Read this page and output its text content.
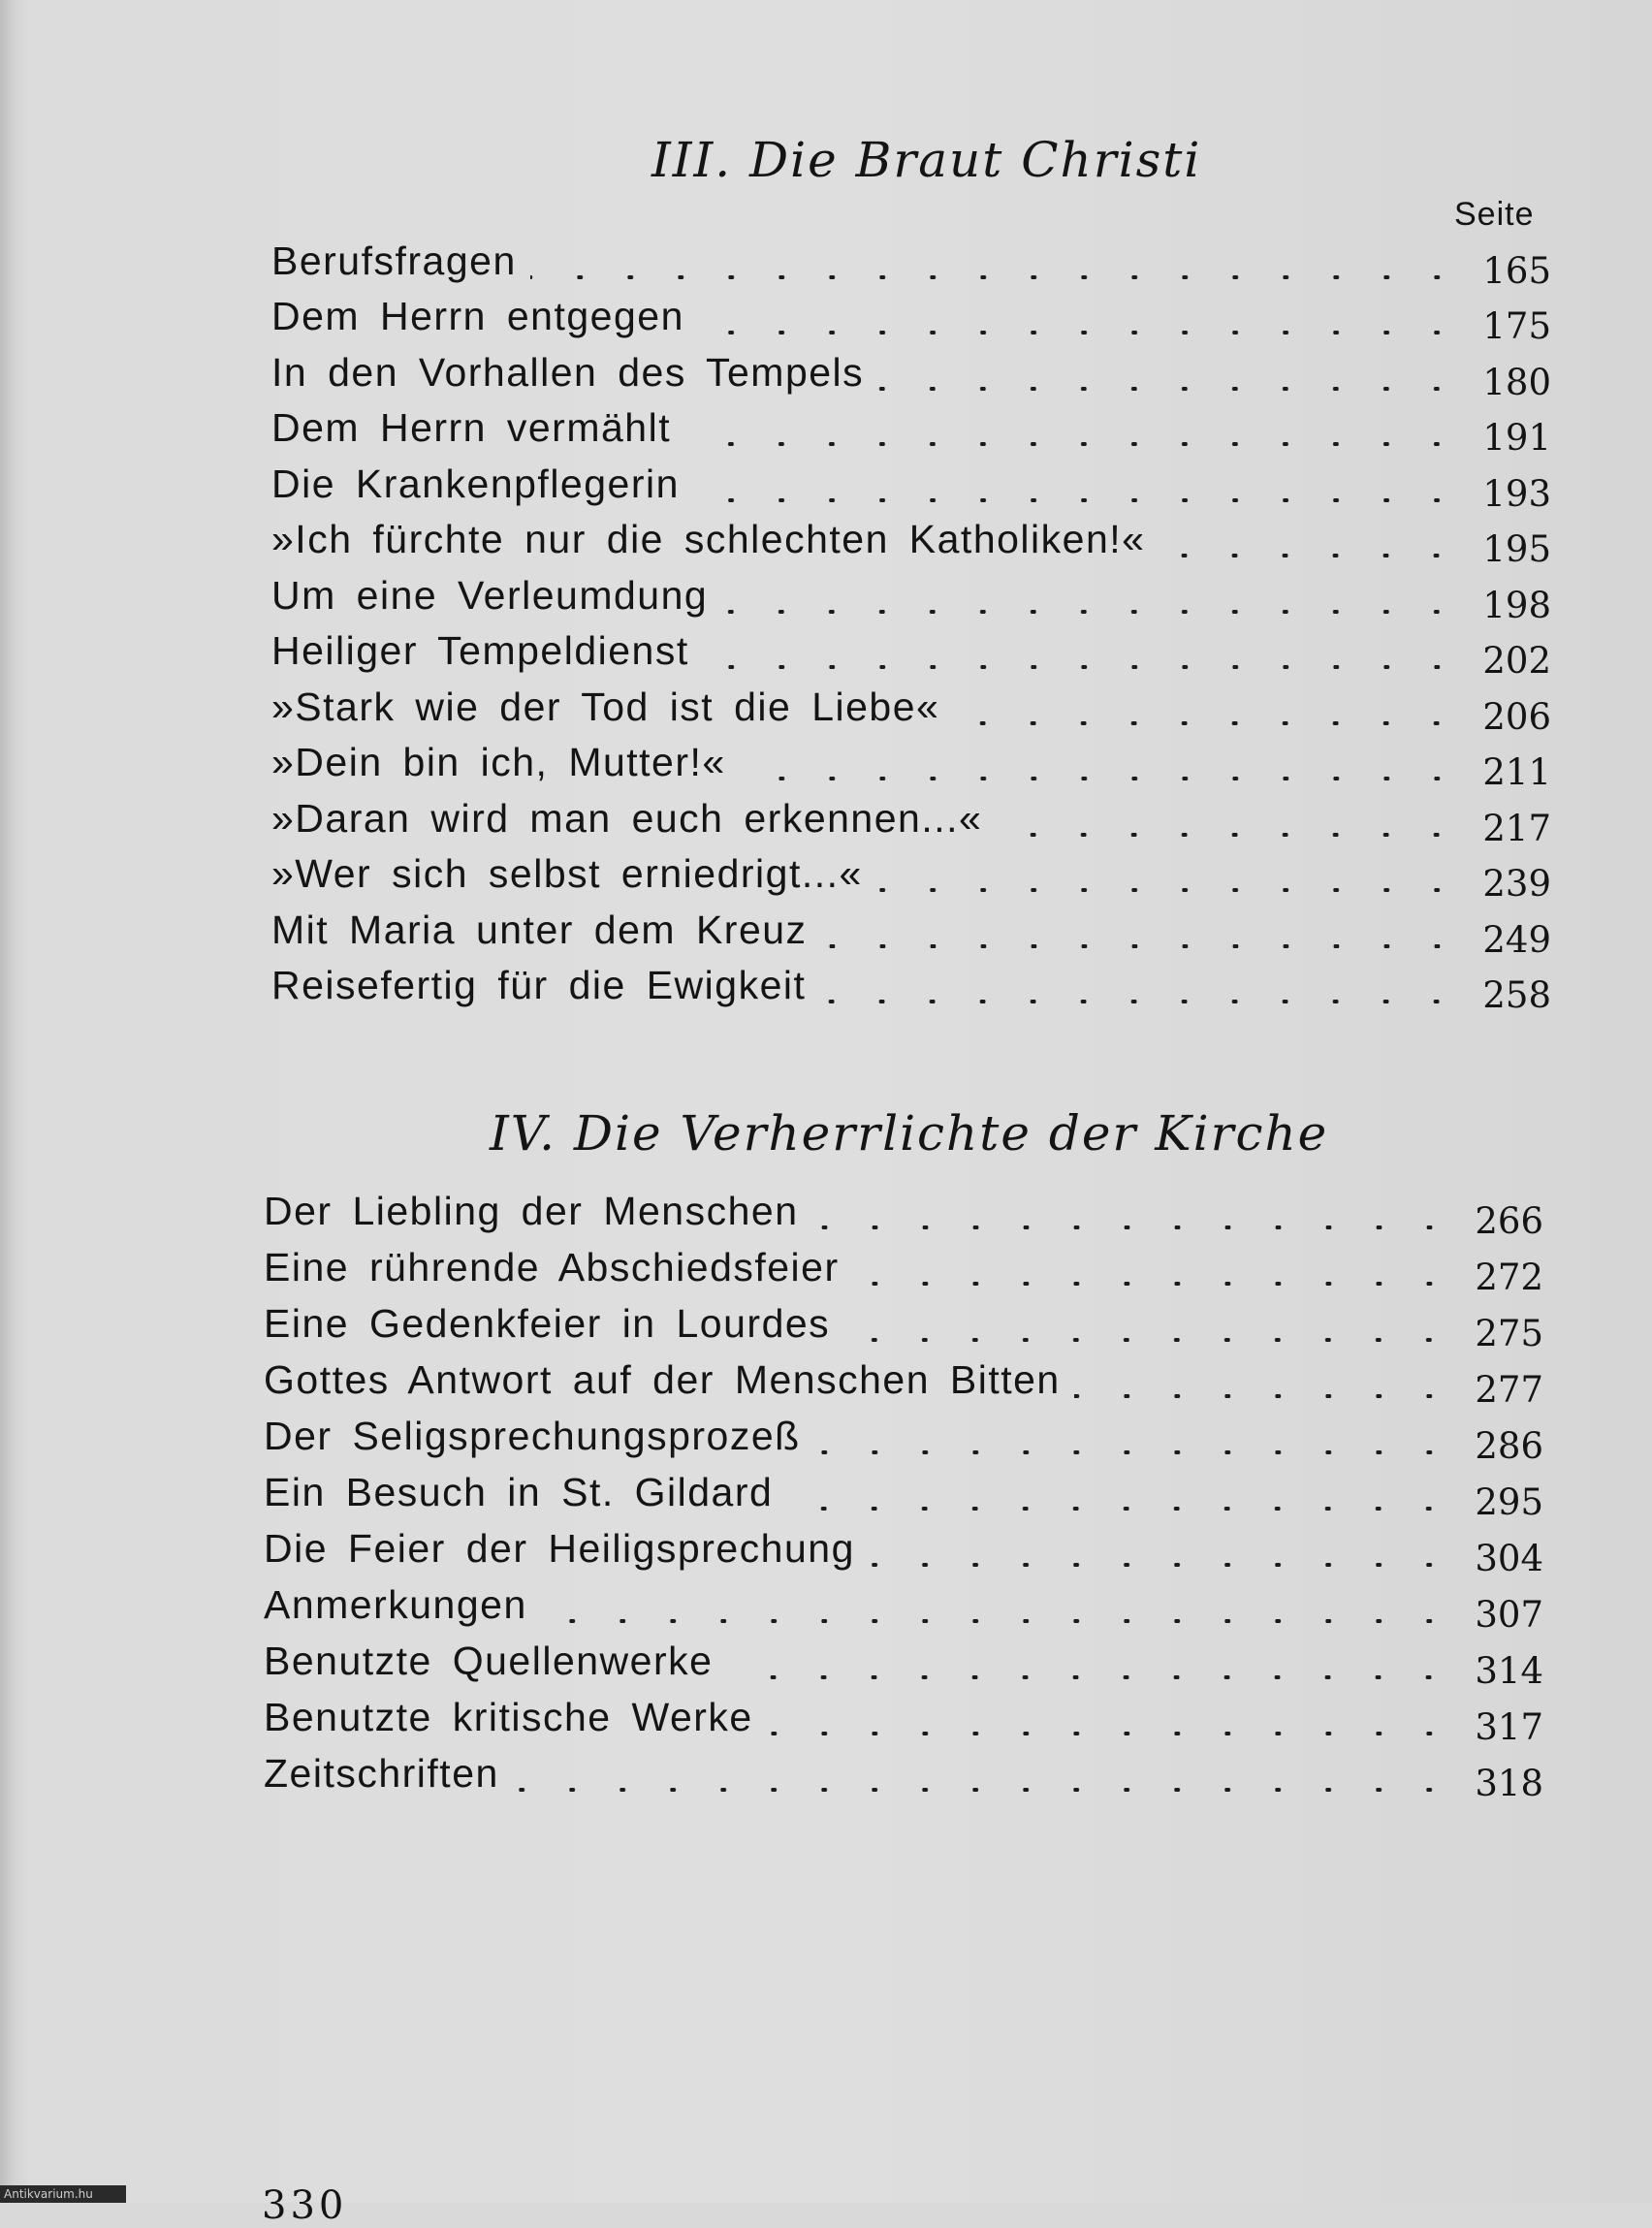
III. Die Braut Christi
Seite
Berufsfragen	165
Dem Herrn entgegen	175
In den Vorhallen des Tempels	180
Dem Herrn vermählt	191
Die Krankenpflegerin	193
»Ich fürchte nur die schlechten Katholiken!«	195
Um eine Verleumdung	198
Heiliger Tempeldienst	202
»Stark wie der Tod ist die Liebe«	206
»Dein bin ich, Mutter!«	211
»Daran wird man euch erkennen...«	217
»Wer sich selbst erniedrigt...«	239
Mit Maria unter dem Kreuz	249
Reisefertig für die Ewigkeit	258
IV. Die Verherrlichte der Kirche
Der Liebling der Menschen	266
Eine rührende Abschiedsfeier	272
Eine Gedenkfeier in Lourdes	275
Gottes Antwort auf der Menschen Bitten	277
Der Seligsprechungsprozeß	286
Ein Besuch in St. Gildard	295
Die Feier der Heiligsprechung	304
Anmerkungen	307
Benutzte Quellenwerke	314
Benutzte kritische Werke	317
Zeitschriften	318
330
Antikvarium.hu
